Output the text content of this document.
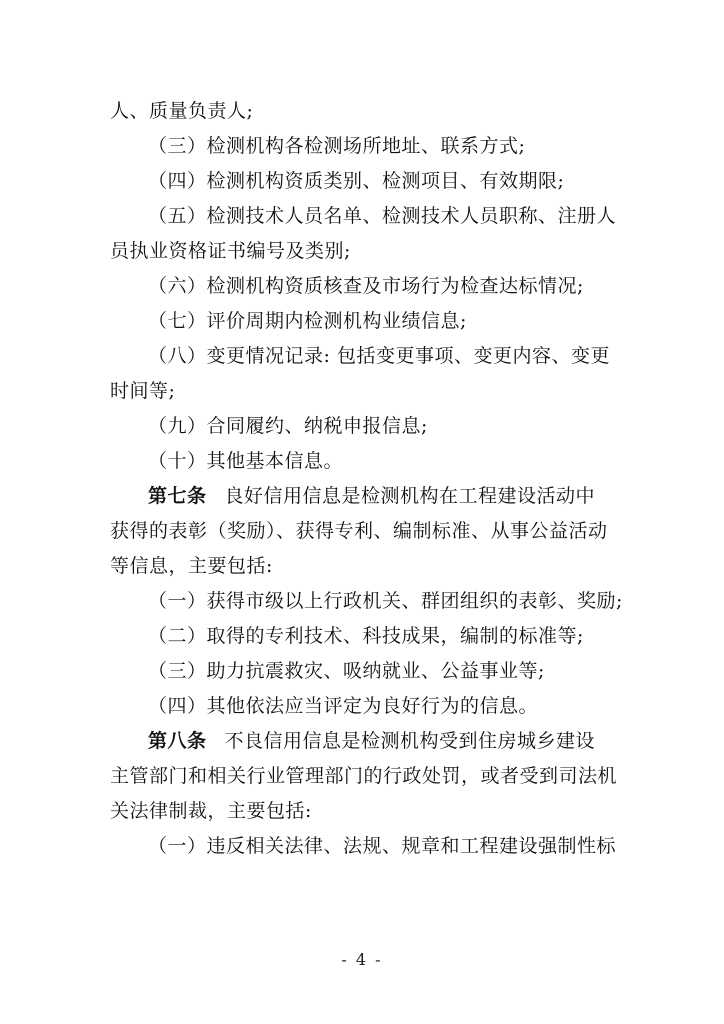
人、质量负责人;
（三）检测机构各检测场所地址、联系方式;
（四）检测机构资质类别、检测项目、有效期限;
（五）检测技术人员名单、检测技术人员职称、注册人
员执业资格证书编号及类别;
（六）检测机构资质核查及市场行为检查达标情况;
（七）评价周期内检测机构业绩信息;
（八）变更情况记录: 包括变更事项、变更内容、变更
时间等;
（九）合同履约、纳税申报信息;
（十）其他基本信息。
第七条 良好信用信息是检测机构在工程建设活动中
获得的表彰（奖励）、获得专利、编制标准、从事公益活动
等信息，主要包括:
（一）获得市级以上行政机关、群团组织的表彰、奖励;
（二）取得的专利技术、科技成果，编制的标准等;
（三）助力抗震救灾、吸纳就业、公益事业等;
（四）其他依法应当评定为良好行为的信息。
第八条 不良信用信息是检测机构受到住房城乡建设
主管部门和相关行业管理部门的行政处罚，或者受到司法机
关法律制裁，主要包括:
（一）违反相关法律、法规、规章和工程建设强制性标
- 4 -
